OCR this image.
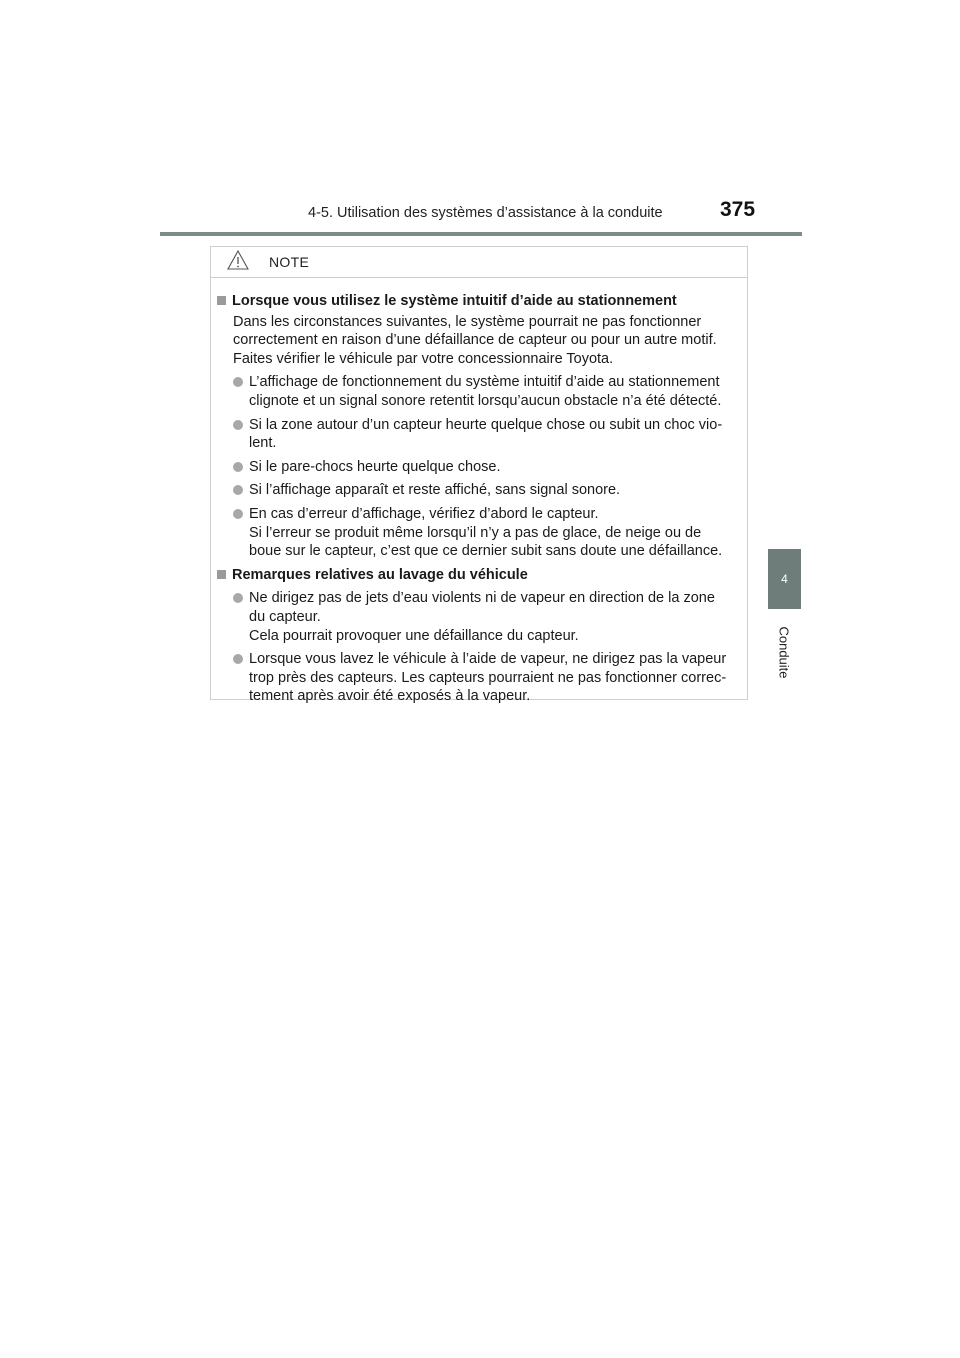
4-5. Utilisation des systèmes d’assistance à la conduite	375
4
Conduite
NOTE
Lorsque vous utilisez le système intuitif d’aide au stationnement
Dans les circonstances suivantes, le système pourrait ne pas fonctionner
correctement en raison d’une défaillance de capteur ou pour un autre motif.
Faites vérifier le véhicule par votre concessionnaire Toyota.
L’affichage de fonctionnement du système intuitif d’aide au stationnement
clignote et un signal sonore retentit lorsqu’aucun obstacle n’a été détecté.
Si la zone autour d’un capteur heurte quelque chose ou subit un choc vio-
lent.
Si le pare-chocs heurte quelque chose.
Si l’affichage apparaît et reste affiché, sans signal sonore.
En cas d’erreur d’affichage, vérifiez d’abord le capteur.
Si l’erreur se produit même lorsqu’il n’y a pas de glace, de neige ou de
boue sur le capteur, c’est que ce dernier subit sans doute une défaillance.
Remarques relatives au lavage du véhicule
Ne dirigez pas de jets d’eau violents ni de vapeur en direction de la zone
du capteur.
Cela pourrait provoquer une défaillance du capteur.
Lorsque vous lavez le véhicule à l’aide de vapeur, ne dirigez pas la vapeur
trop près des capteurs. Les capteurs pourraient ne pas fonctionner correc-
tement après avoir été exposés à la vapeur.
